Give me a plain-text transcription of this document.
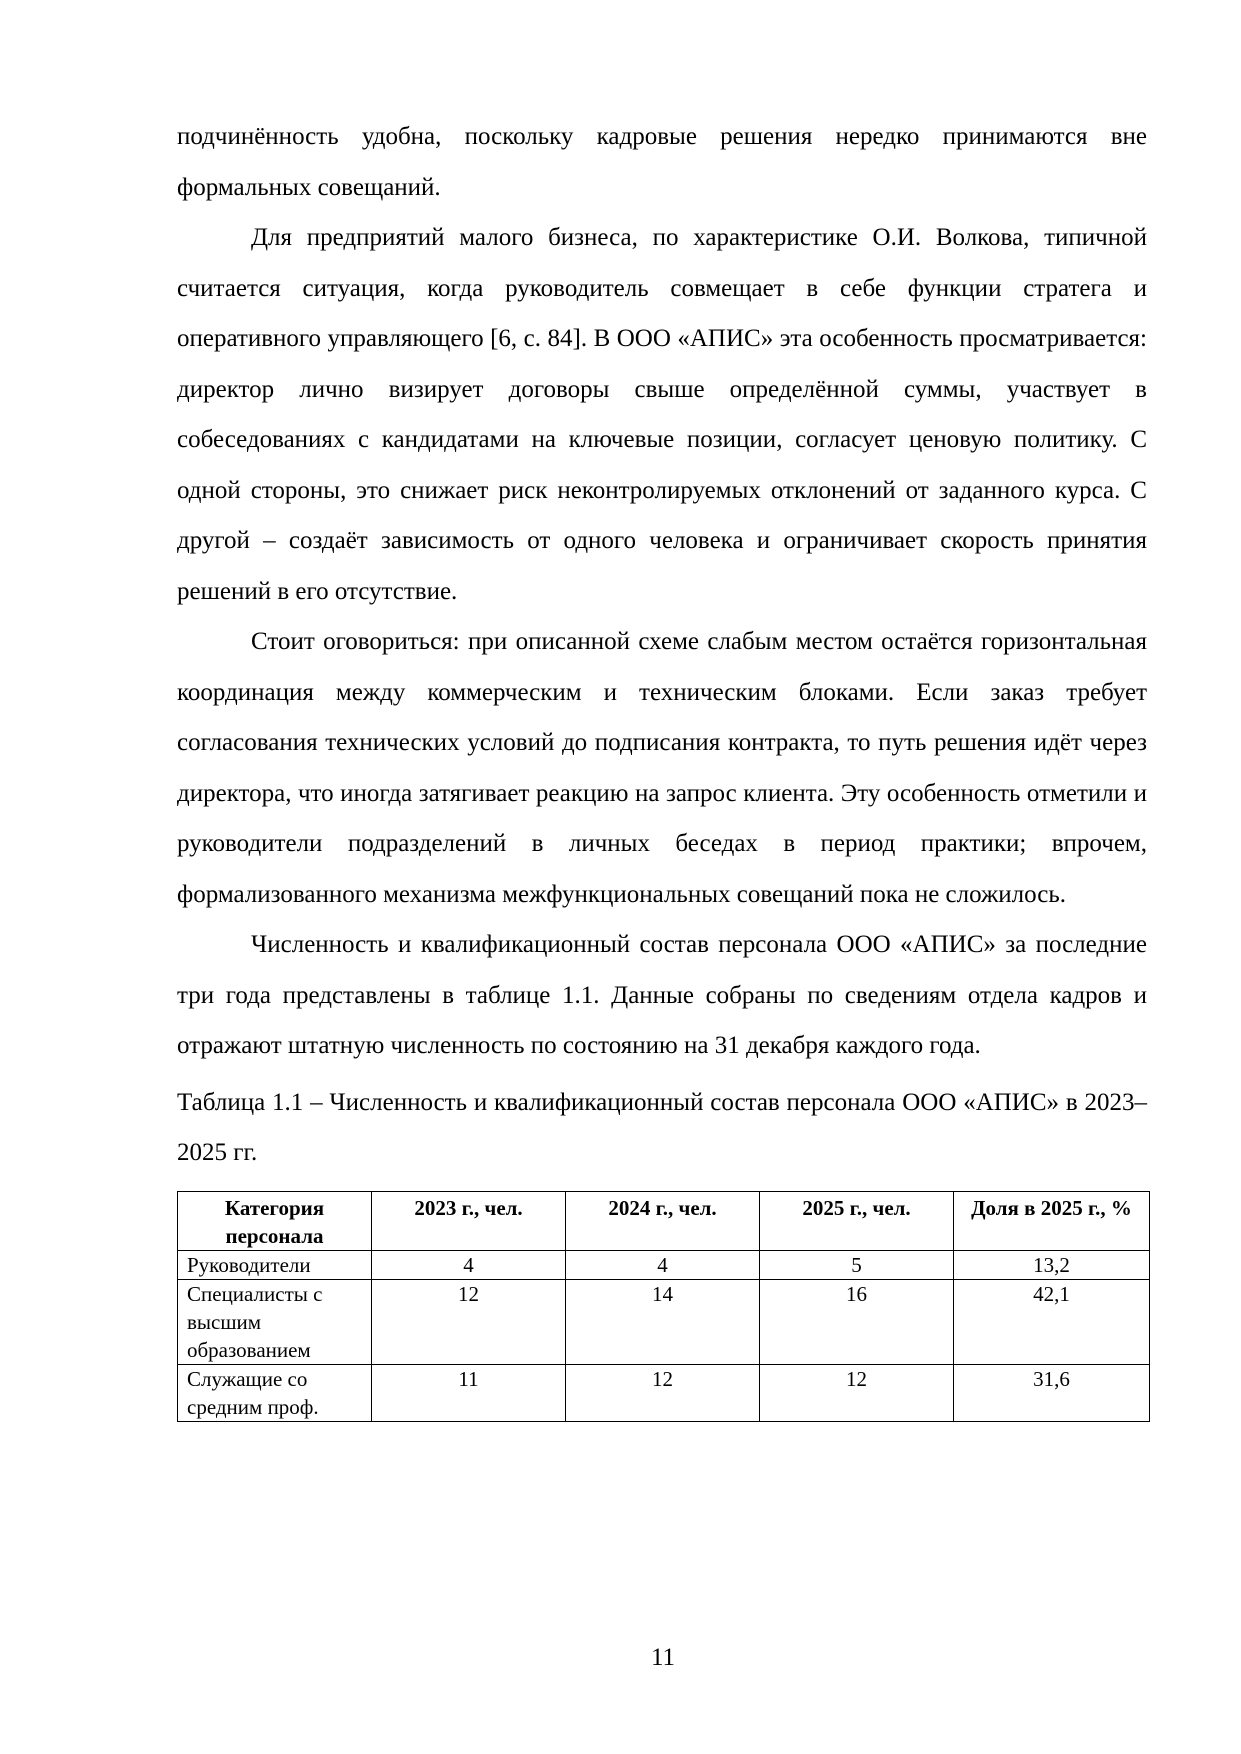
подчинённость удобна, поскольку кадровые решения нередко принимаются вне формальных совещаний.

Для предприятий малого бизнеса, по характеристике О.И. Волкова, типичной считается ситуация, когда руководитель совмещает в себе функции стратега и оперативного управляющего [6, с. 84]. В ООО «АПИС» эта особенность просматривается: директор лично визирует договоры свыше определённой суммы, участвует в собеседованиях с кандидатами на ключевые позиции, согласует ценовую политику. С одной стороны, это снижает риск неконтролируемых отклонений от заданного курса. С другой – создаёт зависимость от одного человека и ограничивает скорость принятия решений в его отсутствие.

Стоит оговориться: при описанной схеме слабым местом остаётся горизонтальная координация между коммерческим и техническим блоками. Если заказ требует согласования технических условий до подписания контракта, то путь решения идёт через директора, что иногда затягивает реакцию на запрос клиента. Эту особенность отметили и руководители подразделений в личных беседах в период практики; впрочем, формализованного механизма межфункциональных совещаний пока не сложилось.

Численность и квалификационный состав персонала ООО «АПИС» за последние три года представлены в таблице 1.1. Данные собраны по сведениям отдела кадров и отражают штатную численность по состоянию на 31 декабря каждого года.

Таблица 1.1 – Численность и квалификационный состав персонала ООО «АПИС» в 2023–2025 гг.

Категория персонала	2023 г., чел.	2024 г., чел.	2025 г., чел.	Доля в 2025 г., %
Руководители	4	4	5	13,2
Специалисты с высшим образованием	12	14	16	42,1
Служащие со средним проф.	11	12	12	31,6
11
